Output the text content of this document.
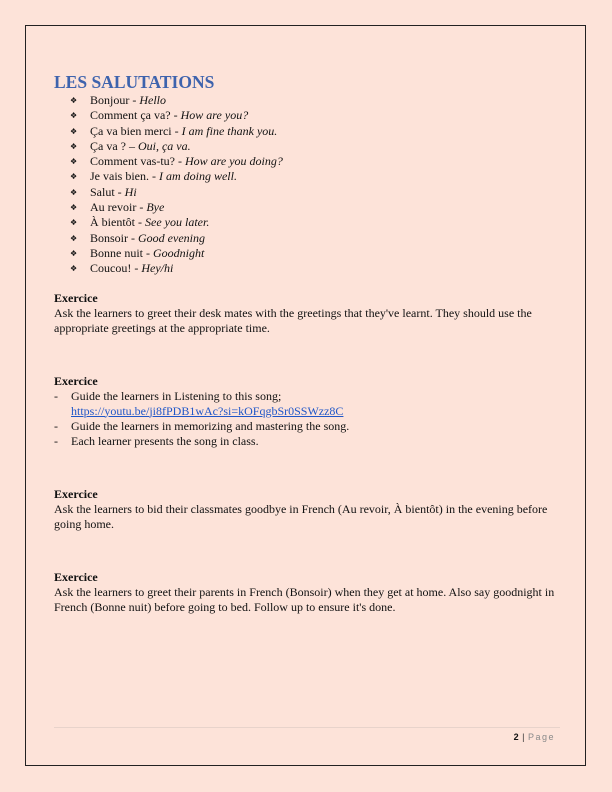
LES SALUTATIONS
❖ Bonjour - Hello
❖ Comment ça va? - How are you?
❖ Ça va bien merci - I am fine thank you.
❖ Ça va ? – Oui, ça va.
❖ Comment vas-tu? - How are you doing?
❖ Je vais bien. - I am doing well.
❖ Salut - Hi
❖ Au revoir - Bye
❖ À bientôt - See you later.
❖ Bonsoir - Good evening
❖ Bonne nuit - Goodnight
❖ Coucou! - Hey/hi

Exercice

Ask the learners to greet their desk mates with the greetings that they've learnt. They should use the appropriate greetings at the appropriate time.

Exercice

- Guide the learners in Listening to this song;
https://youtu.be/ji8fPDB1wAc?si=kOFqgbSr0SSWzz8C
- Guide the learners in memorizing and mastering the song.
- Each learner presents the song in class.

Exercice

Ask the learners to bid their classmates goodbye in French (Au revoir, À bientôt) in the evening before going home.

Exercice

Ask the learners to greet their parents in French (Bonsoir) when they get at home. Also say goodnight in French (Bonne nuit) before going to bed. Follow up to ensure it's done.

2 | Page
